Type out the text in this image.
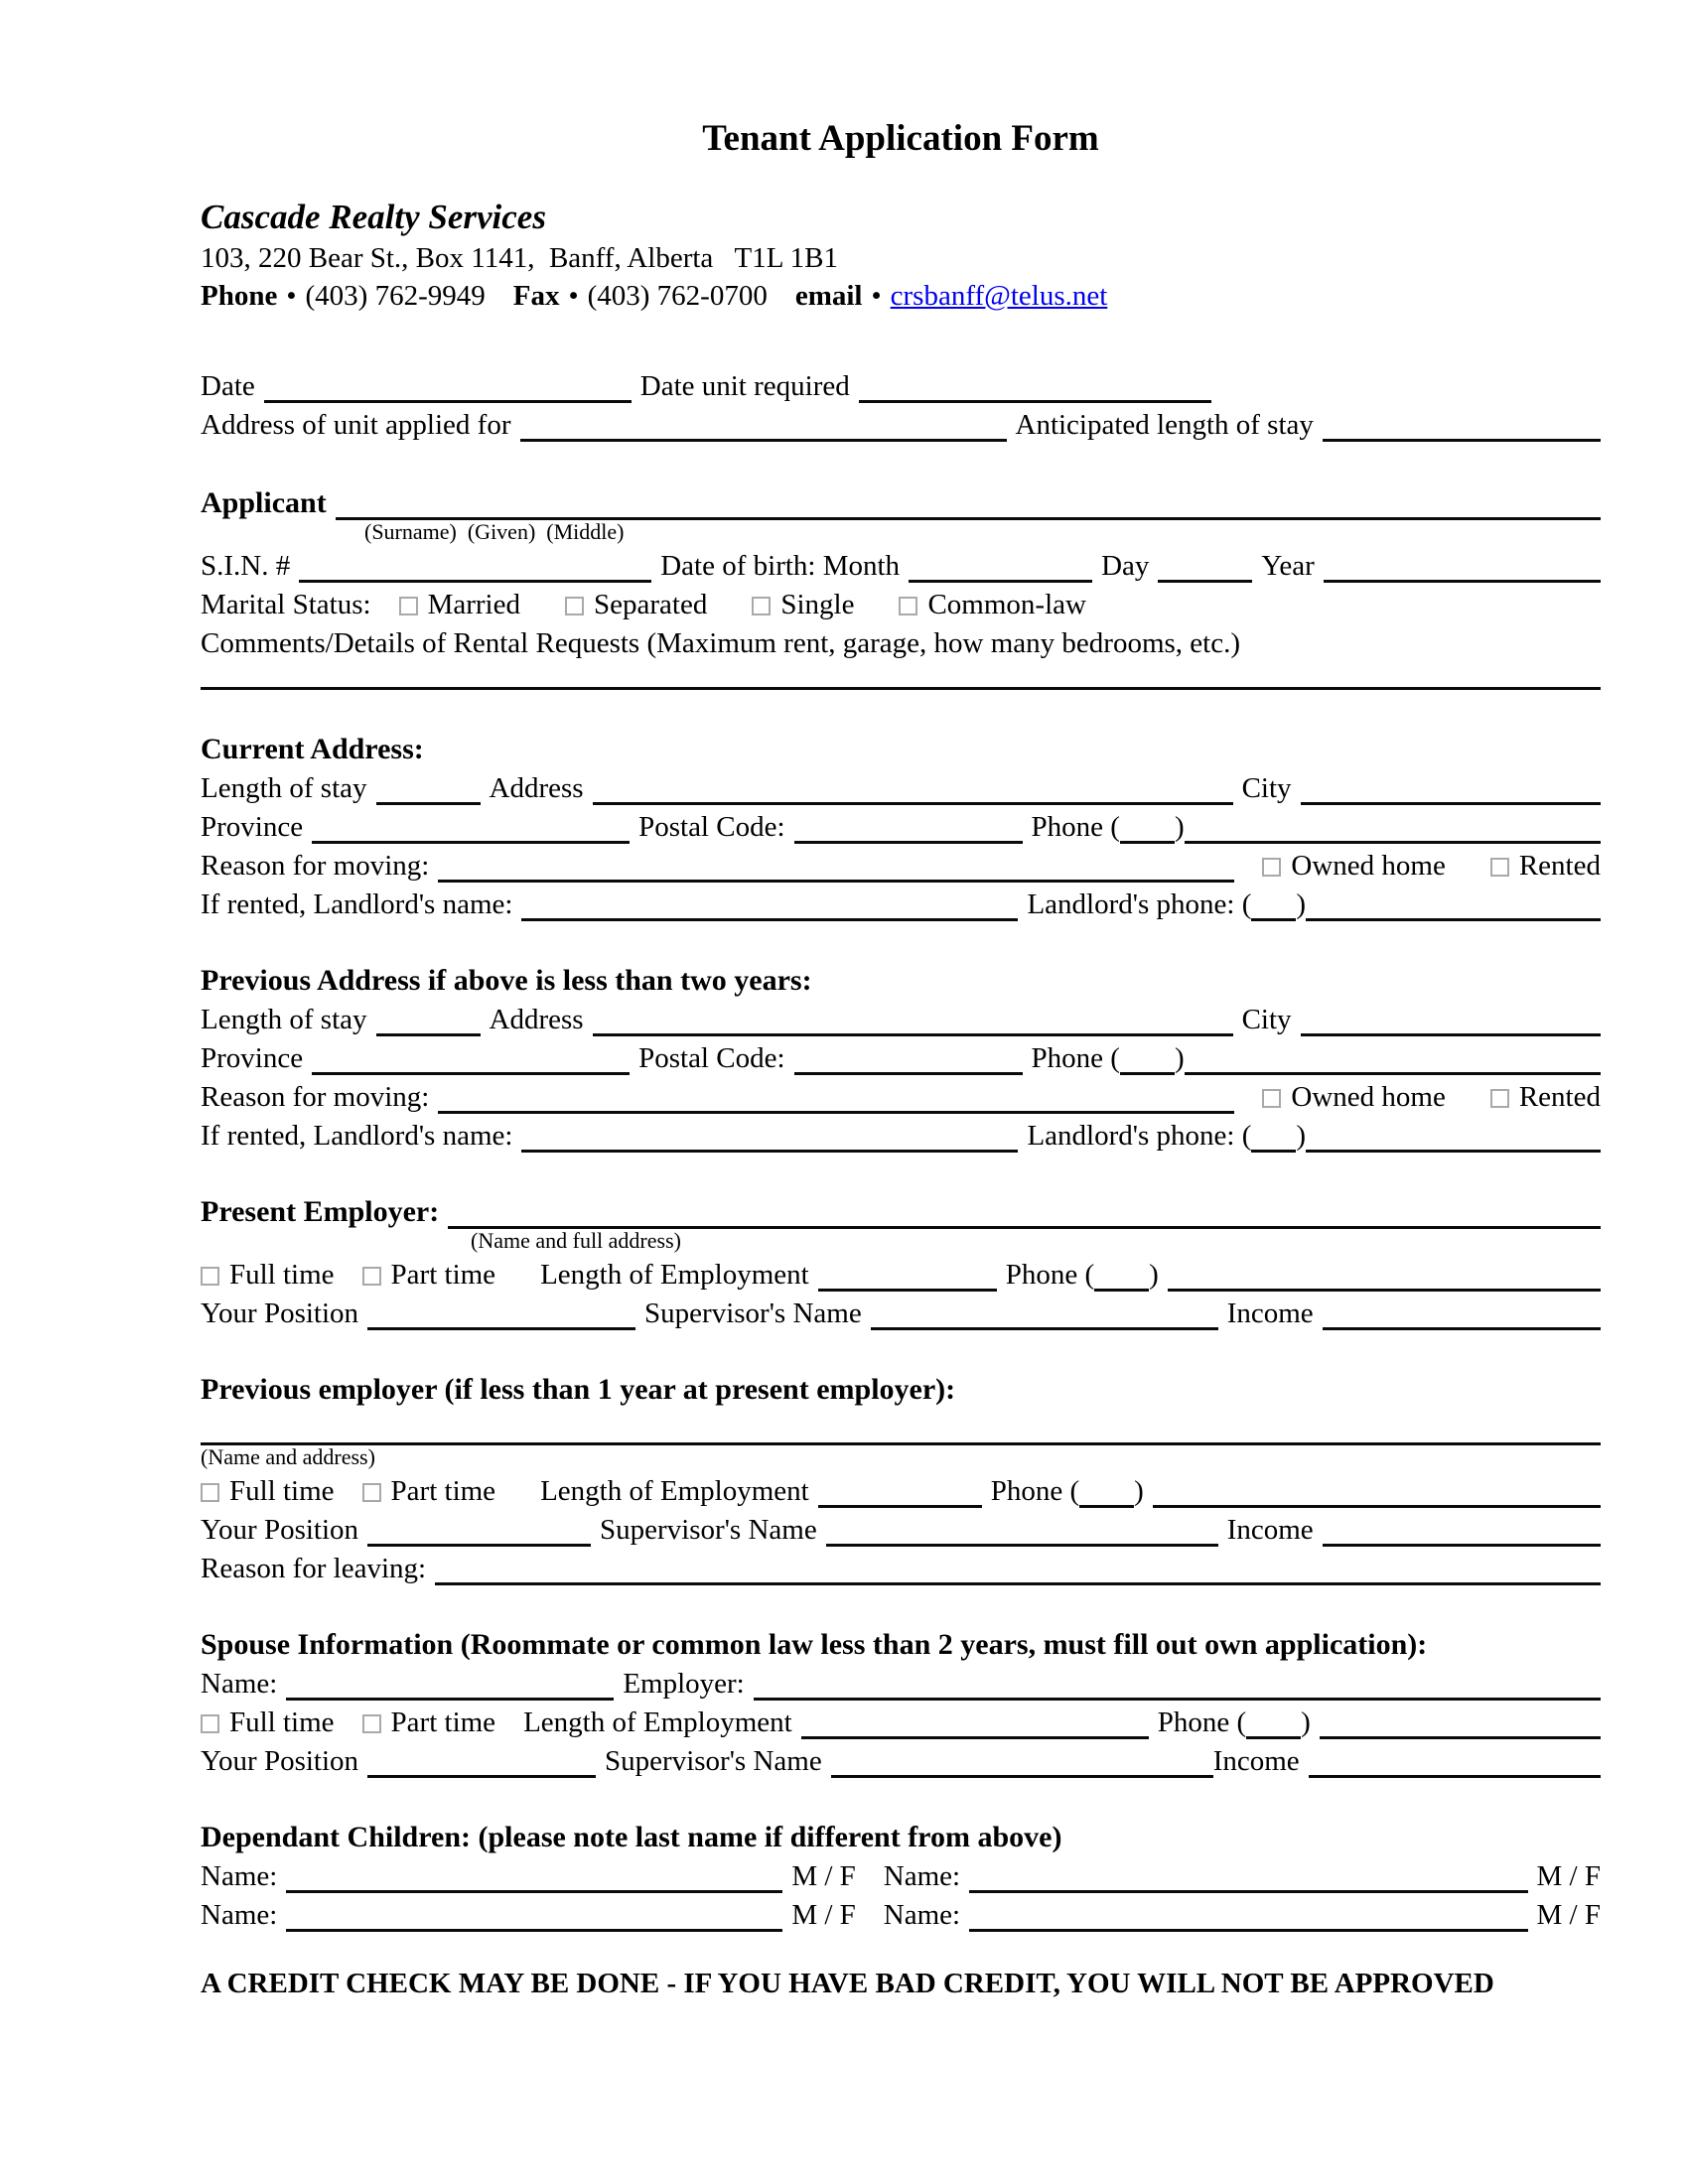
Tenant Application Form
Cascade Realty Services
103, 220 Bear St., Box 1141,  Banff, Alberta   T1L 1B1
Phone • (403) 762-9949 Fax • (403) 762-0700 email • crsbanff@telus.net
Date	Date unit required
Address of unit applied for	Anticipated length of stay
Applicant
(Surname)  (Given)  (Middle)
S.I.N. #	Date of birth: Month	Day	Year
Marital Status: Married	Separated	Single	Common-law
Comments/Details of Rental Requests (Maximum rent, garage, how many bedrooms, etc.)
Current Address:
Length of stay	Address	City
Province	Postal Code:	Phone ( )
Reason for moving:	Owned home	Rented
If rented, Landlord's name:	Landlord's phone: ( )
Previous Address if above is less than two years:
Length of stay	Address	City
Province	Postal Code:	Phone ( )
Reason for moving:	Owned home	Rented
If rented, Landlord's name:	Landlord's phone: ( )
Present Employer:
(Name and full address)
Full time Part time Length of Employment	Phone ( )
Your Position	Supervisor's Name	Income
Previous employer (if less than 1 year at present employer):
(Name and address)
Full time Part time Length of Employment	Phone ( )
Your Position	Supervisor's Name	Income
Reason for leaving:
Spouse Information (Roommate or common law less than 2 years, must fill out own application):
Name:	Employer:
Full time Part time Length of Employment	Phone ( )
Your Position	Supervisor's Name	Income
Dependant Children: (please note last name if different from above)
Name:	M / F Name:	M / F
Name:	M / F Name:	M / F
A CREDIT CHECK MAY BE DONE - IF YOU HAVE BAD CREDIT, YOU WILL NOT BE APPROVED
